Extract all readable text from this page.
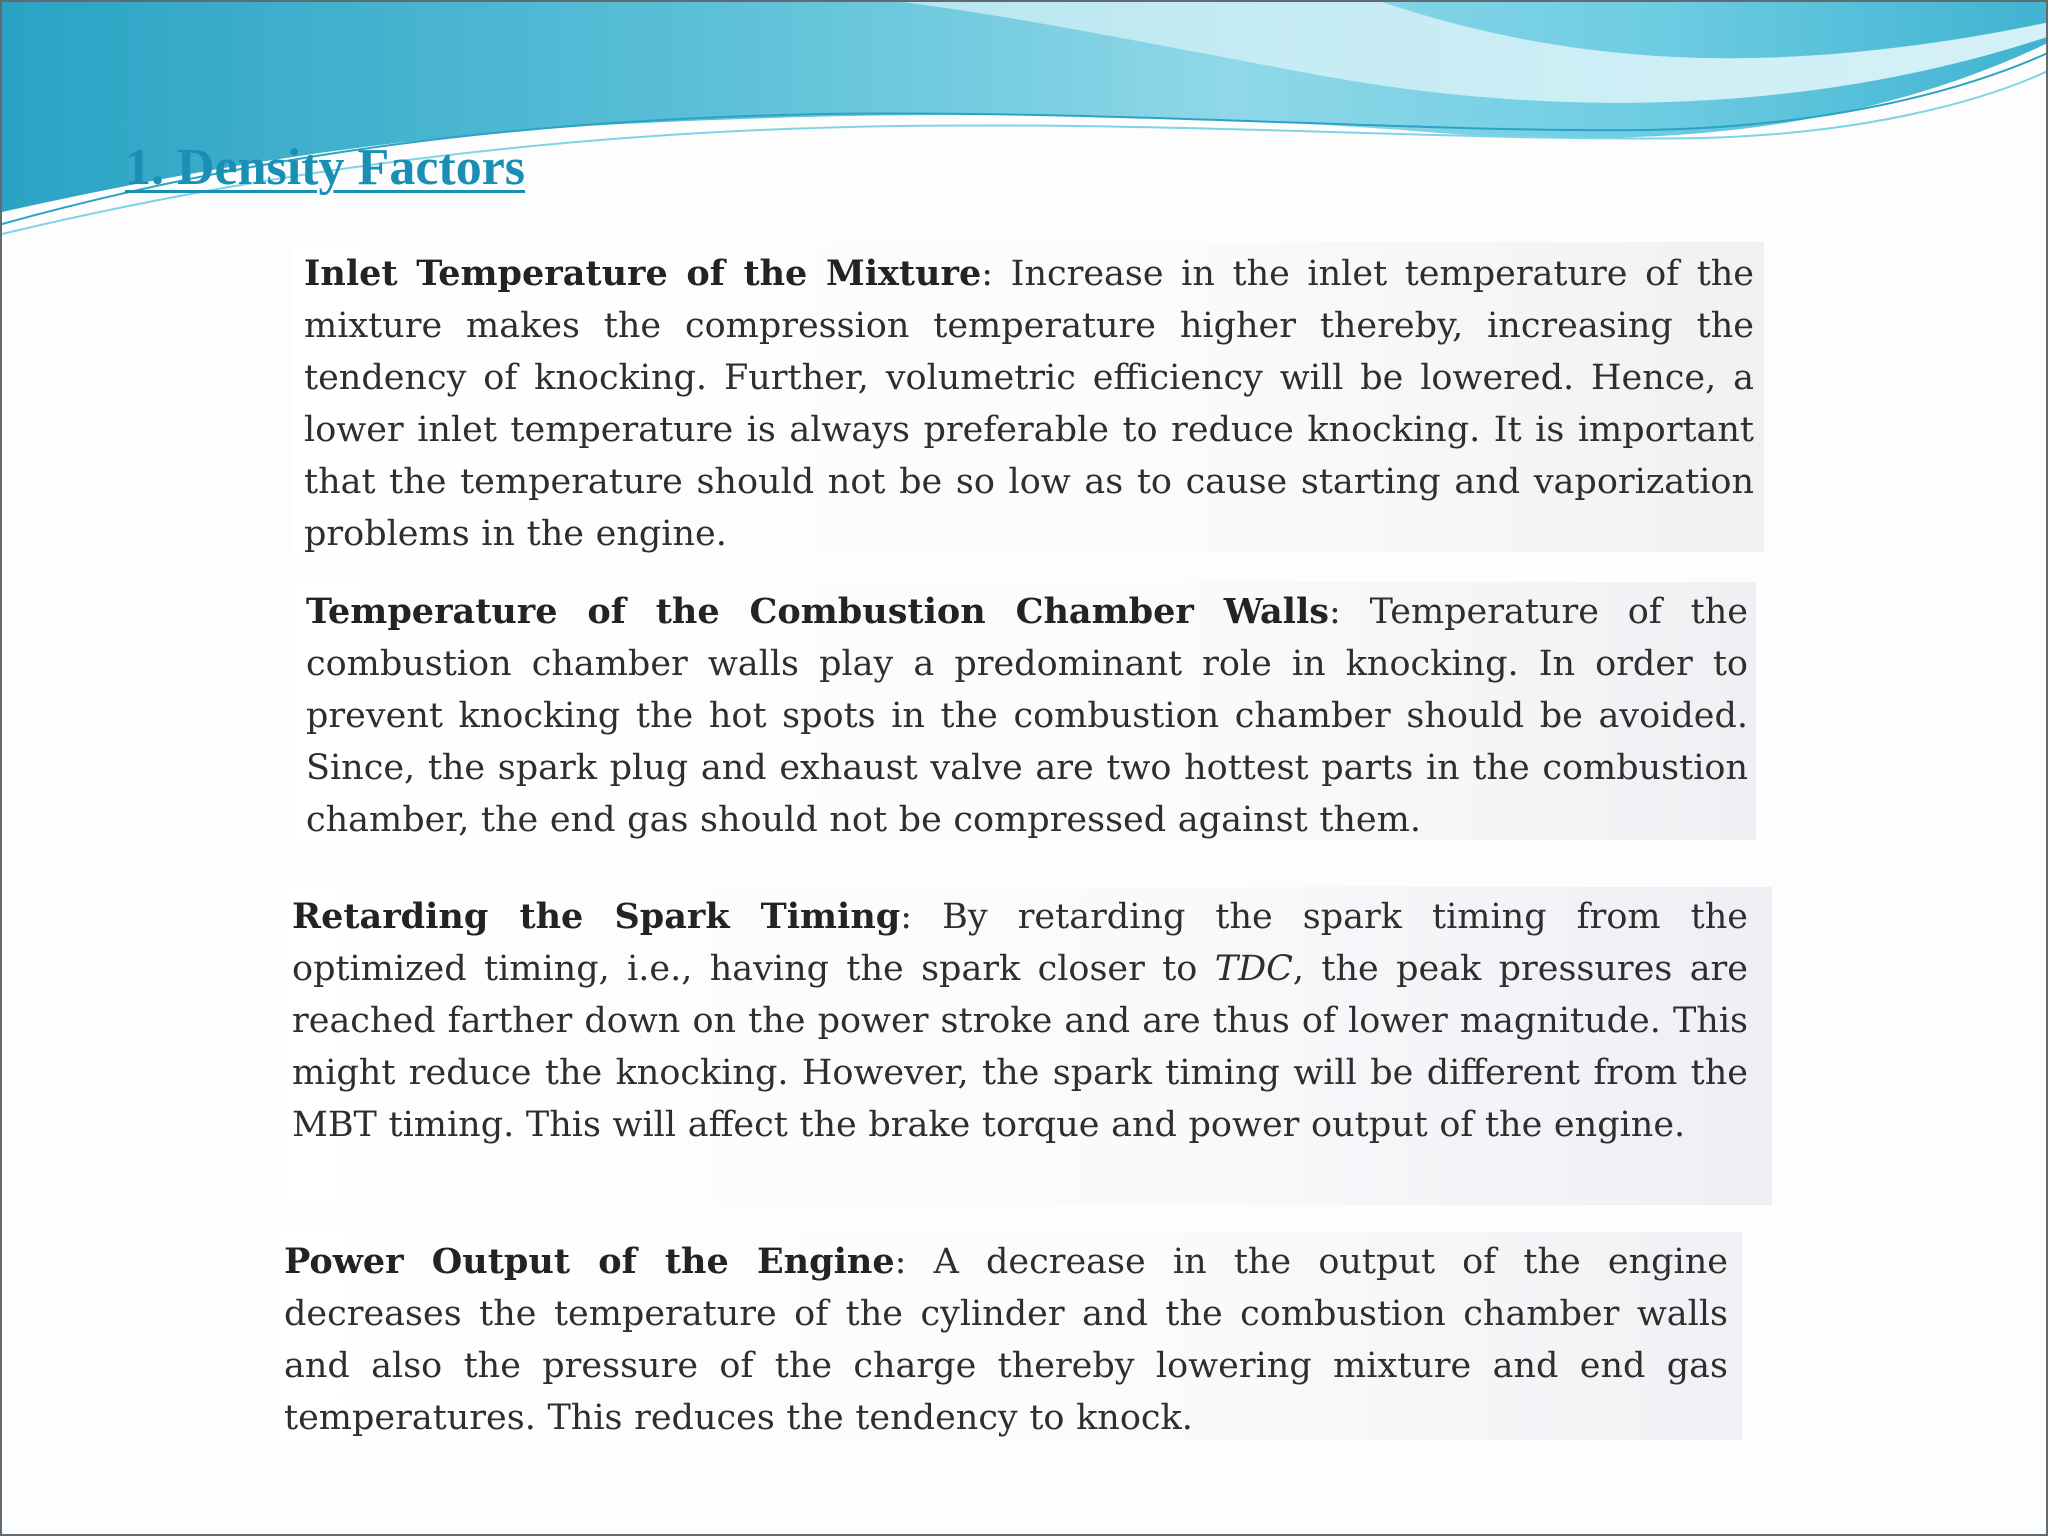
1. Density Factors

Inlet Temperature of the Mixture: Increase in the inlet temperature of the mixture makes the compression temperature higher thereby, increasing the tendency of knocking. Further, volumetric efficiency will be lowered. Hence, a lower inlet temperature is always preferable to reduce knocking. It is important that the temperature should not be so low as to cause starting and vaporization problems in the engine.

Temperature of the Combustion Chamber Walls: Temperature of the combustion chamber walls play a predominant role in knocking. In order to prevent knocking the hot spots in the combustion chamber should be avoided. Since, the spark plug and exhaust valve are two hottest parts in the combustion chamber, the end gas should not be compressed against them.

Retarding the Spark Timing: By retarding the spark timing from the optimized timing, i.e., having the spark closer to TDC, the peak pressures are reached farther down on the power stroke and are thus of lower magnitude. This might reduce the knocking. However, the spark timing will be different from the MBT timing. This will affect the brake torque and power output of the engine.

Power Output of the Engine: A decrease in the output of the engine decreases the temperature of the cylinder and the combustion chamber walls and also the pressure of the charge thereby lowering mixture and end gas temperatures. This reduces the tendency to knock.
